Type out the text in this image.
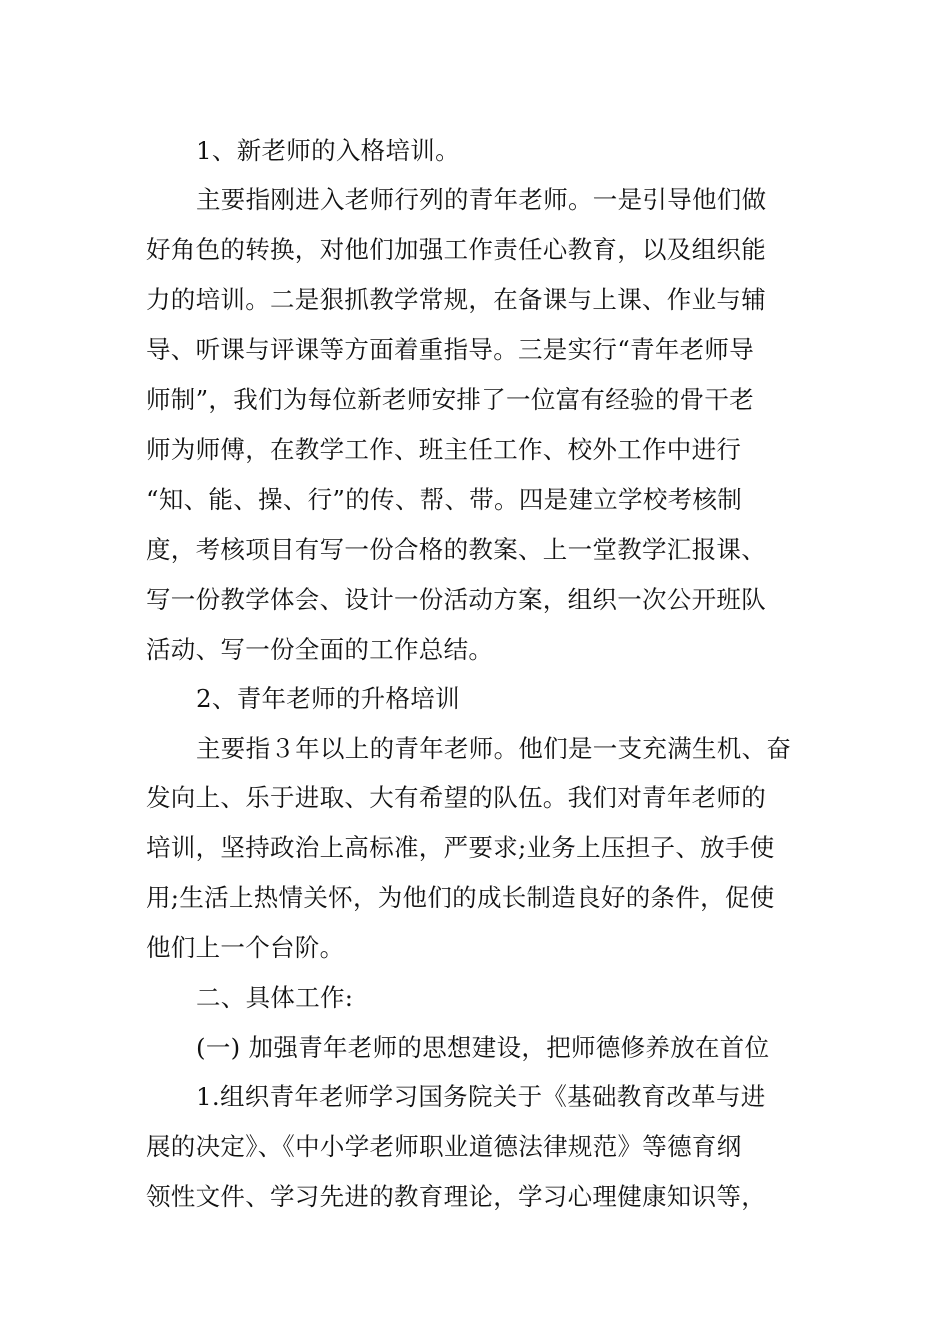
1、新老师的入格培训。
主要指刚进入老师行列的青年老师。一是引导他们做
好角色的转换，对他们加强工作责任心教育，以及组织能
力的培训。二是狠抓教学常规，在备课与上课、作业与辅
导、听课与评课等方面着重指导。三是实行“青年老师导
师制”，我们为每位新老师安排了一位富有经验的骨干老
师为师傅，在教学工作、班主任工作、校外工作中进行
“知、能、操、行”的传、帮、带。四是建立学校考核制
度，考核项目有写一份合格的教案、上一堂教学汇报课、
写一份教学体会、设计一份活动方案，组织一次公开班队
活动、写一份全面的工作总结。
2、青年老师的升格培训
主要指３年以上的青年老师。他们是一支充满生机、奋
发向上、乐于进取、大有希望的队伍。我们对青年老师的
培训，坚持政治上高标准，严要求;业务上压担子、放手使
用;生活上热情关怀，为他们的成长制造良好的条件，促使
他们上一个台阶。
二、具体工作:
(一) 加强青年老师的思想建设，把师德修养放在首位
1.组织青年老师学习国务院关于《基础教育改革与进
展的决定》、《中小学老师职业道德法律规范》等德育纲
领性文件、学习先进的教育理论，学习心理健康知识等，
